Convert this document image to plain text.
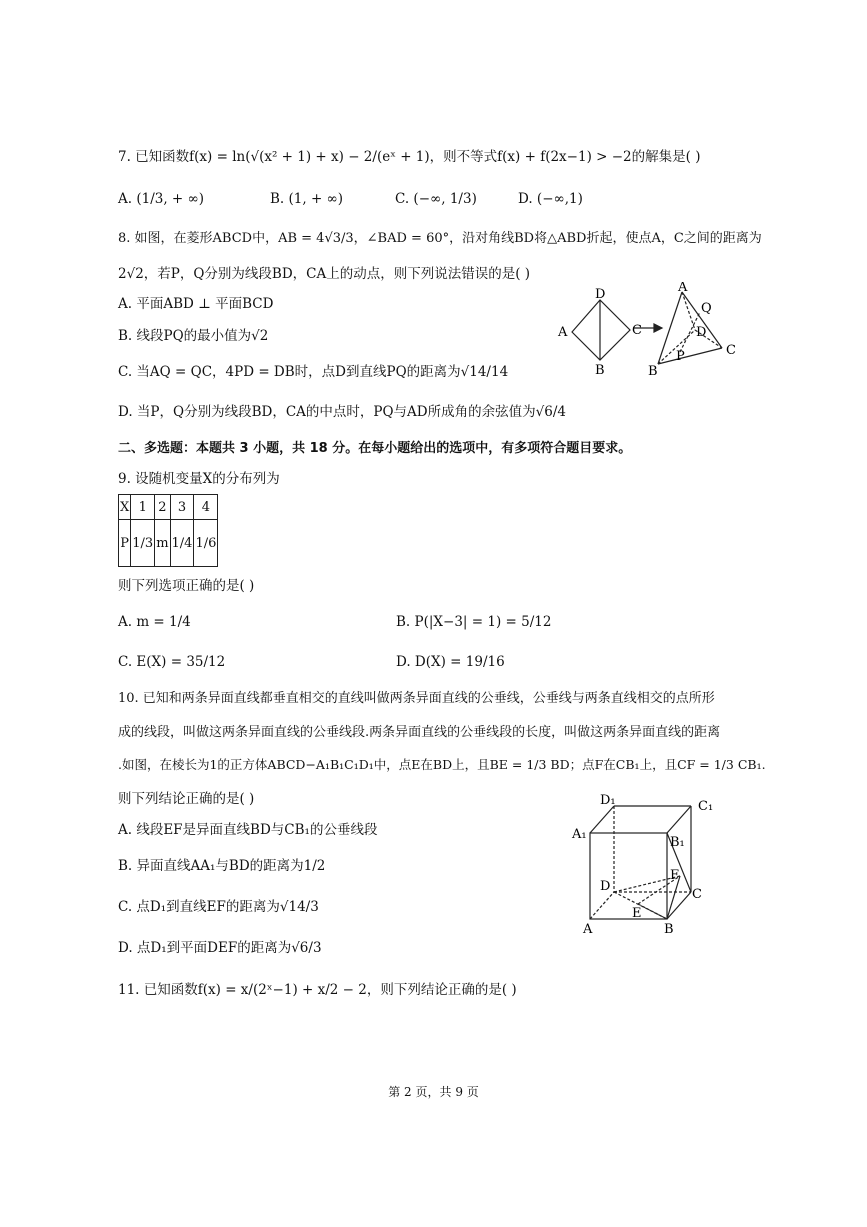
7. 已知函数f(x) = ln(√(x² + 1) + x) − 2/(eˣ + 1)，则不等式f(x) + f(2x−1) > −2的解集是( )
A. (1/3, + ∞)	B. (1, + ∞)	C. (−∞, 1/3)	D. (−∞,1)
8. 如图，在菱形ABCD中，AB = 4√3/3，∠BAD = 60°，沿对角线BD将△ABD折起，使点A，C之间的距离为
2√2，若P，Q分别为线段BD，CA上的动点，则下列说法错误的是( )
A. 平面ABD ⊥ 平面BCD
B. 线段PQ的最小值为√2
C. 当AQ = QC，4PD = DB时，点D到直线PQ的距离为√14/14
D. 当P，Q分别为线段BD，CA的中点时，PQ与AD所成角的余弦值为√6/4
A
B
C
D	A
Q
D
C
B
P
二、多选题：本题共 3 小题，共 18 分。在每小题给出的选项中，有多项符合题目要求。
9. 设随机变量X的分布列为
X	1	2	3	4
P	1/3	m	1/4	1/6
则下列选项正确的是( )
A. m = 1/4	B. P(|X−3| = 1) = 5/12
C. E(X) = 35/12	D. D(X) = 19/16
10. 已知和两条异面直线都垂直相交的直线叫做两条异面直线的公垂线，公垂线与两条直线相交的点所形
成的线段，叫做这两条异面直线的公垂线段.两条异面直线的公垂线段的长度，叫做这两条异面直线的距离
.如图，在棱长为1的正方体ABCD−A₁B₁C₁D₁中，点E在BD上，且BE = 1/3 BD；点F在CB₁上，且CF = 1/3 CB₁.
则下列结论正确的是( )
A. 线段EF是异面直线BD与CB₁的公垂线段
B. 异面直线AA₁与BD的距离为1/2
C. 点D₁到直线EF的距离为√14/3
D. 点D₁到平面DEF的距离为√6/3
D₁	C₁
A₁
B₁
D
F
C
E
A	B
11. 已知函数f(x) = x/(2ˣ−1) + x/2 − 2，则下列结论正确的是( )
第 2 页，共 9 页
